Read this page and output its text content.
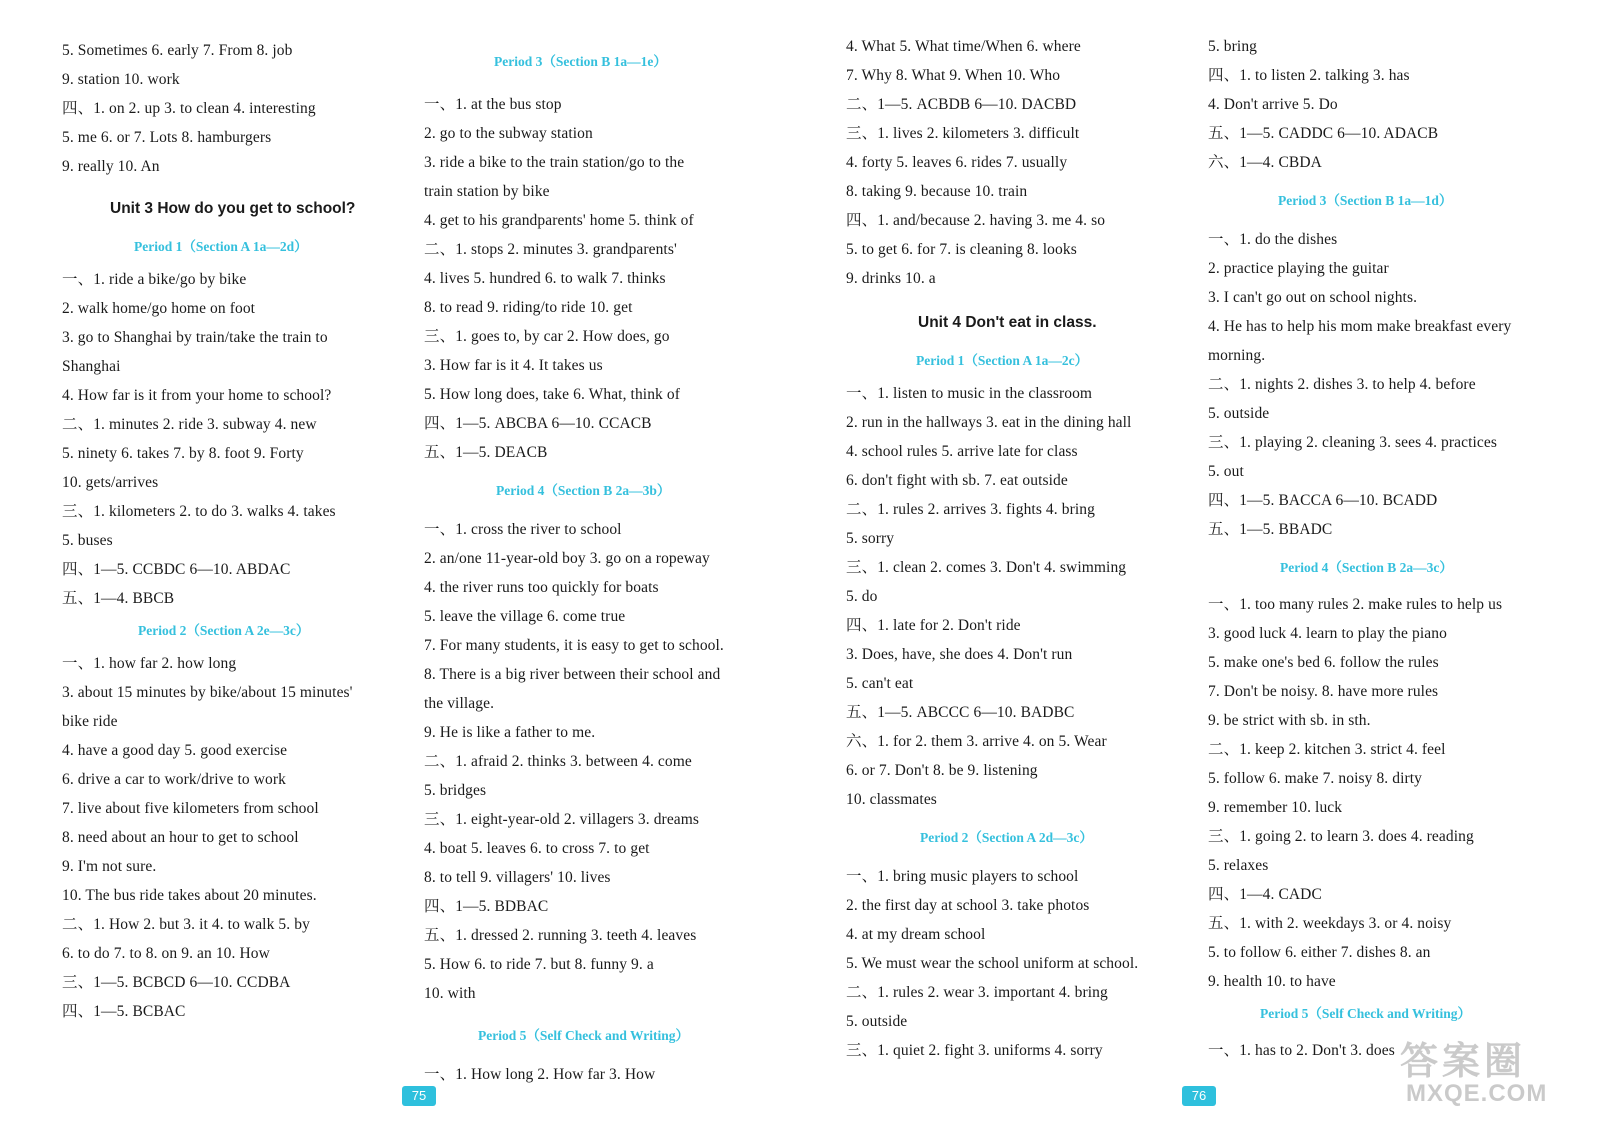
5. Sometimes 6. early 7. From 8. job
9. station 10. work
四、1. on 2. up 3. to clean 4. interesting
5. me 6. or 7. Lots 8. hamburgers
9. really 10. An
Unit 3 How do you get to school?
Period 1（Section A 1a—2d）
一、1. ride a bike/go by bike
2. walk home/go home on foot
3. go to Shanghai by train/take the train to
Shanghai
4. How far is it from your home to school?
二、1. minutes 2. ride 3. subway 4. new
5. ninety 6. takes 7. by 8. foot 9. Forty
10. gets/arrives
三、1. kilometers 2. to do 3. walks 4. takes
5. buses
四、1—5. CCBDC 6—10. ABDAC
五、1—4. BBCB
Period 2（Section A 2e—3c）
一、1. how far 2. how long
3. about 15 minutes by bike/about 15 minutes'
bike ride
4. have a good day 5. good exercise
6. drive a car to work/drive to work
7. live about five kilometers from school
8. need about an hour to get to school
9. I'm not sure.
10. The bus ride takes about 20 minutes.
二、1. How 2. but 3. it 4. to walk 5. by
6. to do 7. to 8. on 9. an 10. How
三、1—5. BCBCD 6—10. CCDBA
四、1—5. BCBAC
Period 3（Section B 1a—1e）
一、1. at the bus stop
2. go to the subway station
3. ride a bike to the train station/go to the
train station by bike
4. get to his grandparents' home 5. think of
二、1. stops 2. minutes 3. grandparents'
4. lives 5. hundred 6. to walk 7. thinks
8. to read 9. riding/to ride 10. get
三、1. goes to, by car 2. How does, go
3. How far is it 4. It takes us
5. How long does, take 6. What, think of
四、1—5. ABCBA 6—10. CCACB
五、1—5. DEACB
Period 4（Section B 2a—3b）
一、1. cross the river to school
2. an/one 11-year-old boy 3. go on a ropeway
4. the river runs too quickly for boats
5. leave the village 6. come true
7. For many students, it is easy to get to school.
8. There is a big river between their school and
the village.
9. He is like a father to me.
二、1. afraid 2. thinks 3. between 4. come
5. bridges
三、1. eight-year-old 2. villagers 3. dreams
4. boat 5. leaves 6. to cross 7. to get
8. to tell 9. villagers' 10. lives
四、1—5. BDBAC
五、1. dressed 2. running 3. teeth 4. leaves
5. How 6. to ride 7. but 8. funny 9. a
10. with
Period 5（Self Check and Writing）
一、1. How long 2. How far 3. How
4. What 5. What time/When 6. where
7. Why 8. What 9. When 10. Who
二、1—5. ACBDB 6—10. DACBD
三、1. lives 2. kilometers 3. difficult
4. forty 5. leaves 6. rides 7. usually
8. taking 9. because 10. train
四、1. and/because 2. having 3. me 4. so
5. to get 6. for 7. is cleaning 8. looks
9. drinks 10. a
Unit 4 Don't eat in class.
Period 1（Section A 1a—2c）
一、1. listen to music in the classroom
2. run in the hallways 3. eat in the dining hall
4. school rules 5. arrive late for class
6. don't fight with sb. 7. eat outside
二、1. rules 2. arrives 3. fights 4. bring
5. sorry
三、1. clean 2. comes 3. Don't 4. swimming
5. do
四、1. late for 2. Don't ride
3. Does, have, she does 4. Don't run
5. can't eat
五、1—5. ABCCC 6—10. BADBC
六、1. for 2. them 3. arrive 4. on 5. Wear
6. or 7. Don't 8. be 9. listening
10. classmates
Period 2（Section A 2d—3c）
一、1. bring music players to school
2. the first day at school 3. take photos
4. at my dream school
5. We must wear the school uniform at school.
二、1. rules 2. wear 3. important 4. bring
5. outside
三、1. quiet 2. fight 3. uniforms 4. sorry
5. bring
四、1. to listen 2. talking 3. has
4. Don't arrive 5. Do
五、1—5. CADDC 6—10. ADACB
六、1—4. CBDA
Period 3（Section B 1a—1d）
一、1. do the dishes
2. practice playing the guitar
3. I can't go out on school nights.
4. He has to help his mom make breakfast every
morning.
二、1. nights 2. dishes 3. to help 4. before
5. outside
三、1. playing 2. cleaning 3. sees 4. practices
5. out
四、1—5. BACCA 6—10. BCADD
五、1—5. BBADC
Period 4（Section B 2a—3c）
一、1. too many rules 2. make rules to help us
3. good luck 4. learn to play the piano
5. make one's bed 6. follow the rules
7. Don't be noisy. 8. have more rules
9. be strict with sb. in sth.
二、1. keep 2. kitchen 3. strict 4. feel
5. follow 6. make 7. noisy 8. dirty
9. remember 10. luck
三、1. going 2. to learn 3. does 4. reading
5. relaxes
四、1—4. CADC
五、1. with 2. weekdays 3. or 4. noisy
5. to follow 6. either 7. dishes 8. an
9. health 10. to have
Period 5（Self Check and Writing）
一、1. has to 2. Don't 3. does
75	76
答案圈
MXQE.COM
